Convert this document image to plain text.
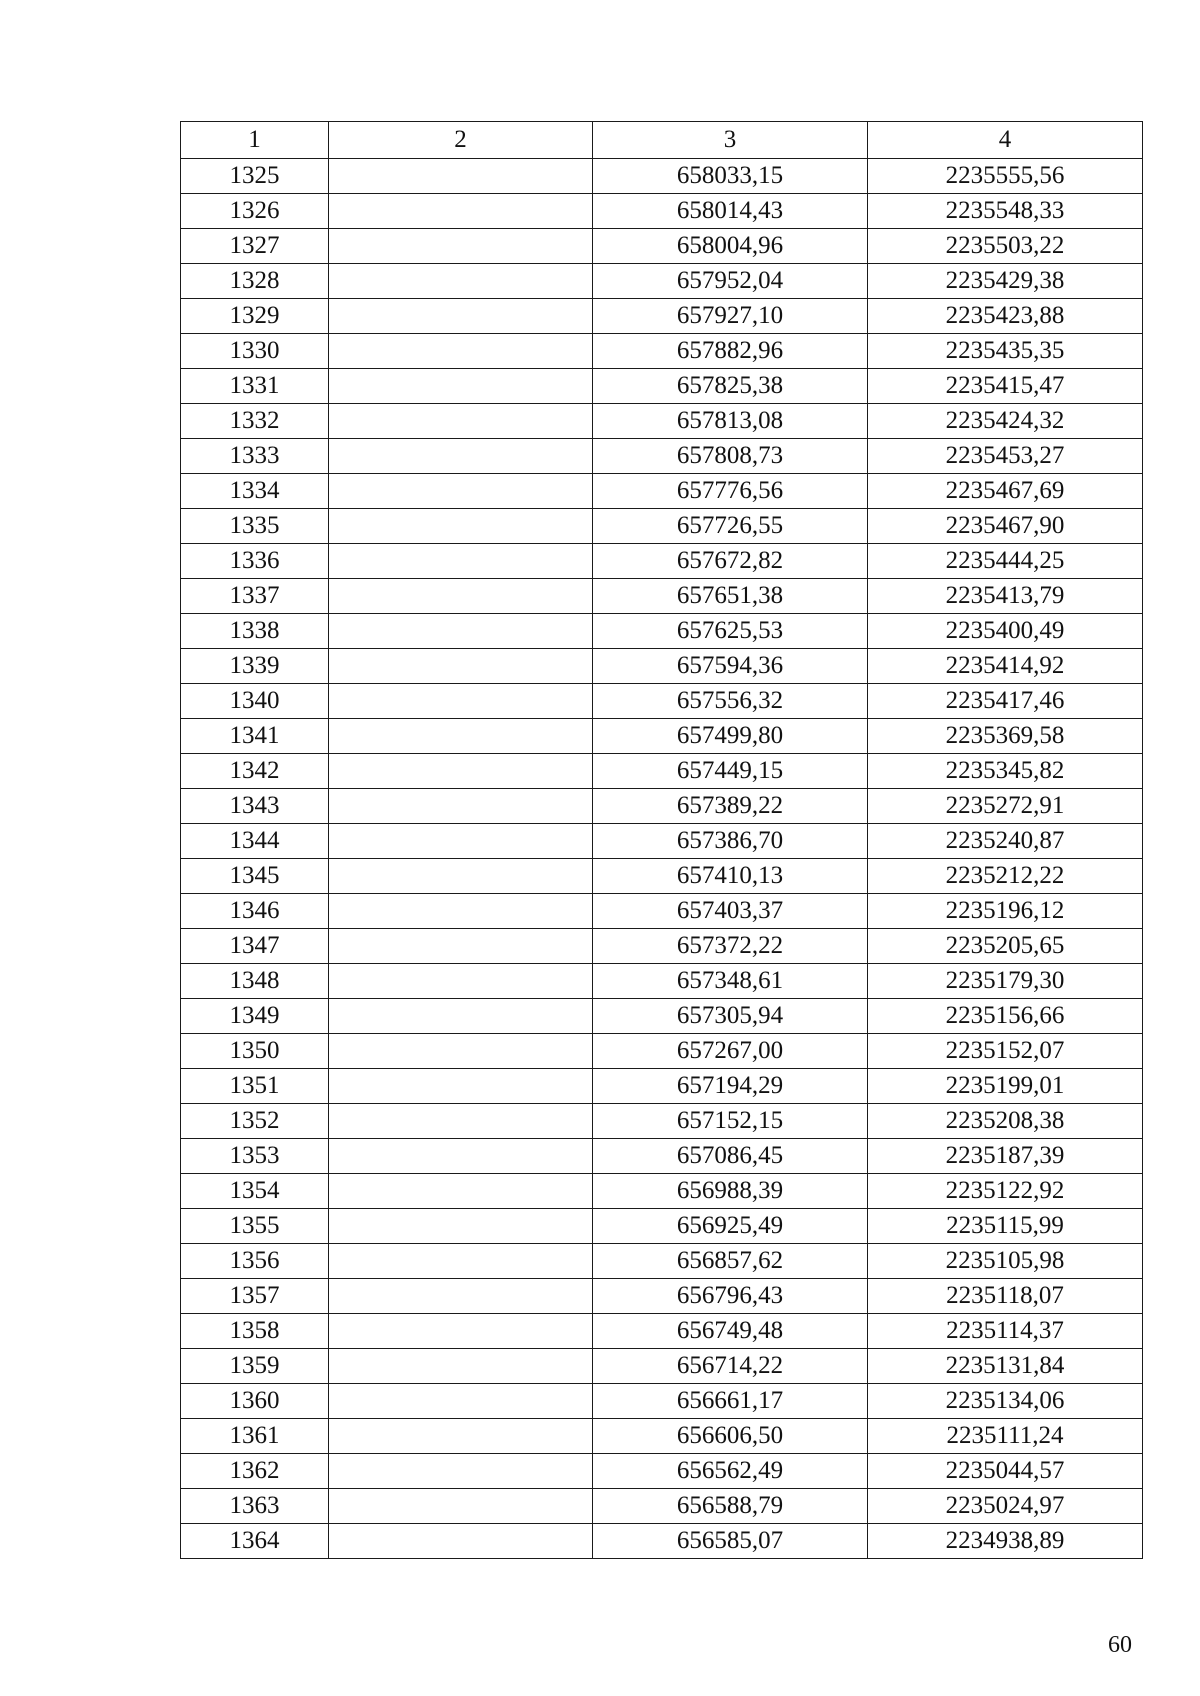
1	2	3	4
1325		658033,15	2235555,56
1326		658014,43	2235548,33
1327		658004,96	2235503,22
1328		657952,04	2235429,38
1329		657927,10	2235423,88
1330		657882,96	2235435,35
1331		657825,38	2235415,47
1332		657813,08	2235424,32
1333		657808,73	2235453,27
1334		657776,56	2235467,69
1335		657726,55	2235467,90
1336		657672,82	2235444,25
1337		657651,38	2235413,79
1338		657625,53	2235400,49
1339		657594,36	2235414,92
1340		657556,32	2235417,46
1341		657499,80	2235369,58
1342		657449,15	2235345,82
1343		657389,22	2235272,91
1344		657386,70	2235240,87
1345		657410,13	2235212,22
1346		657403,37	2235196,12
1347		657372,22	2235205,65
1348		657348,61	2235179,30
1349		657305,94	2235156,66
1350		657267,00	2235152,07
1351		657194,29	2235199,01
1352		657152,15	2235208,38
1353		657086,45	2235187,39
1354		656988,39	2235122,92
1355		656925,49	2235115,99
1356		656857,62	2235105,98
1357		656796,43	2235118,07
1358		656749,48	2235114,37
1359		656714,22	2235131,84
1360		656661,17	2235134,06
1361		656606,50	2235111,24
1362		656562,49	2235044,57
1363		656588,79	2235024,97
1364		656585,07	2234938,89
60
